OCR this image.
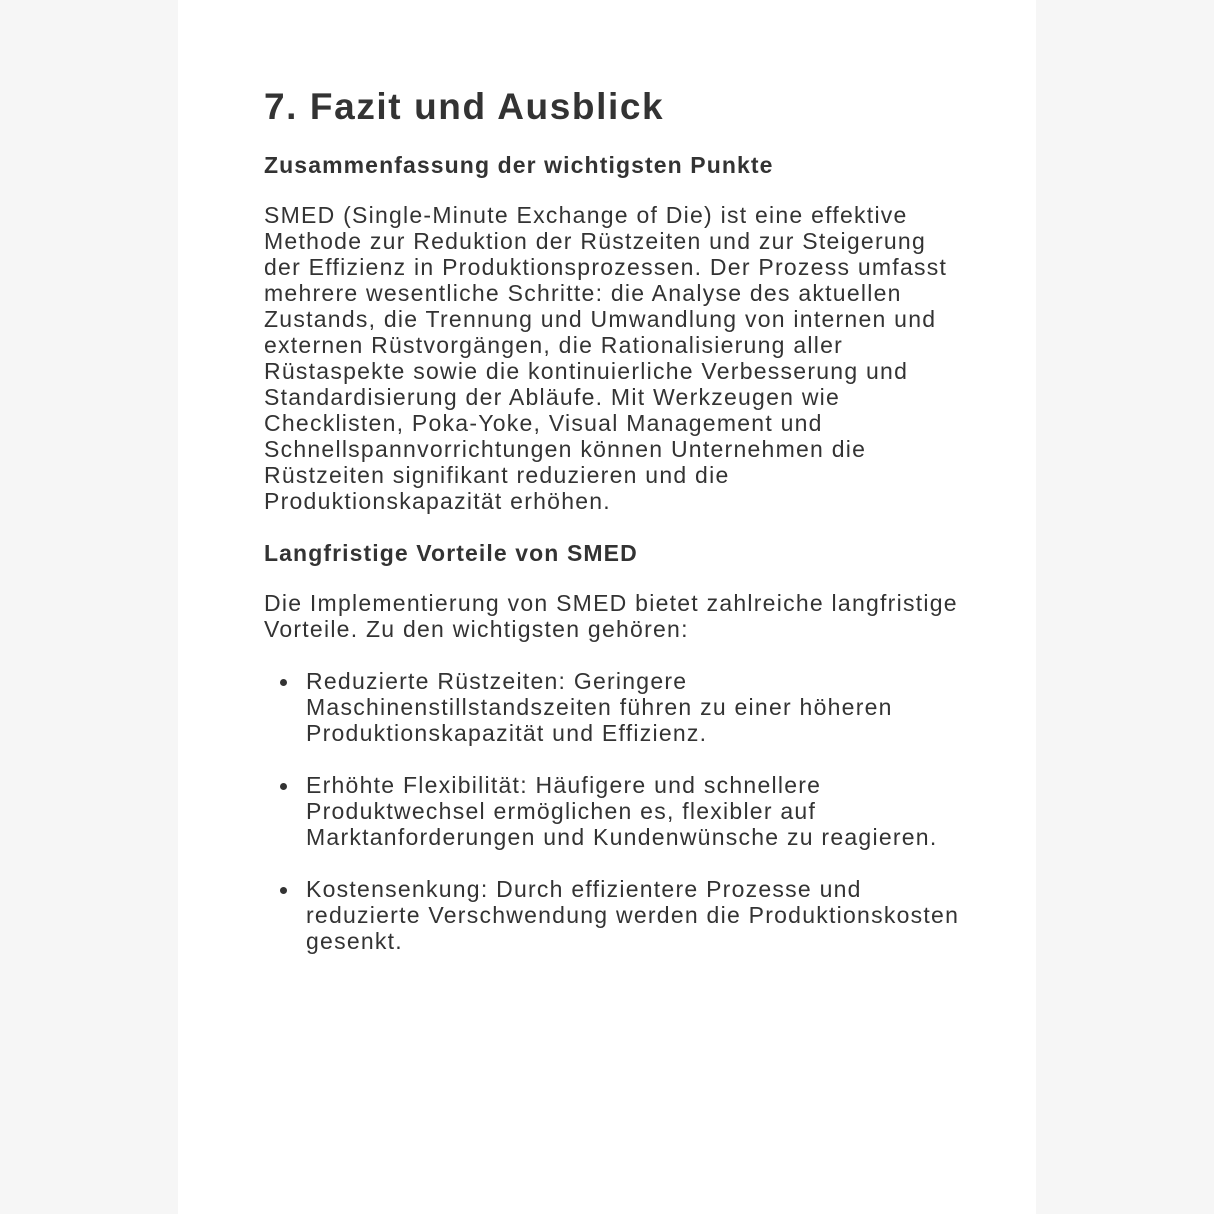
7. Fazit und Ausblick
Zusammenfassung der wichtigsten Punkte

SMED (Single-Minute Exchange of Die) ist eine effektive Methode zur Reduktion der Rüstzeiten und zur Steigerung der Effizienz in Produktionsprozessen. Der Prozess umfasst mehrere wesentliche Schritte: die Analyse des aktuellen Zustands, die Trennung und Umwandlung von internen und externen Rüstvorgängen, die Rationalisierung aller Rüstaspekte sowie die kontinuierliche Verbesserung und Standardisierung der Abläufe. Mit Werkzeugen wie Checklisten, Poka-Yoke, Visual Management und Schnellspannvorrichtungen können Unternehmen die Rüstzeiten signifikant reduzieren und die Produktionskapazität erhöhen.

Langfristige Vorteile von SMED

Die Implementierung von SMED bietet zahlreiche langfristige Vorteile. Zu den wichtigsten gehören:

Reduzierte Rüstzeiten: Geringere Maschinenstillstandszeiten führen zu einer höheren Produktionskapazität und Effizienz.
Erhöhte Flexibilität: Häufigere und schnellere Produktwechsel ermöglichen es, flexibler auf Marktanforderungen und Kundenwünsche zu reagieren.
Kostensenkung: Durch effizientere Prozesse und reduzierte Verschwendung werden die Produktionskosten gesenkt.
